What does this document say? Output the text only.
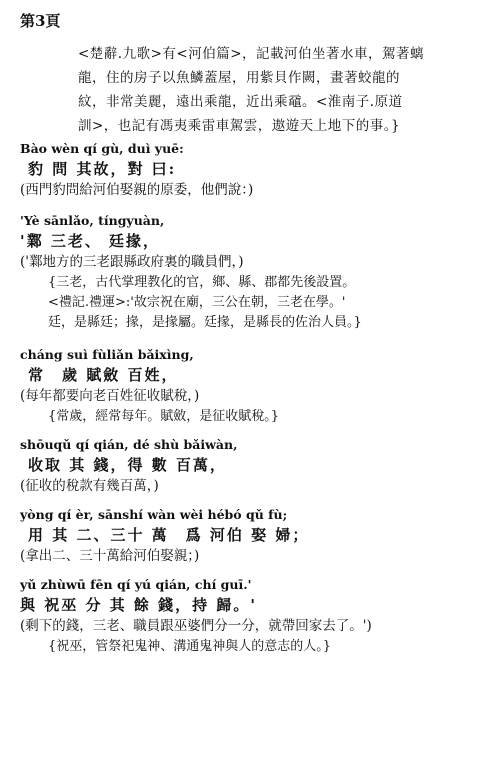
第3頁
<楚辭.九歌>有<河伯篇>，記載河伯坐著水車，駕著螭
龍，住的房子以魚鱗蓋屋，用紫貝作闕，畫著蛟龍的
紋，非常美麗，遠出乘龍，近出乘黿。<淮南子.原道
訓>，也記有馮夷乘雷車駕雲，遨遊天上地下的事。}
Bào wèn qí gù, duì yuē:
豹 問 其故，對 曰:
(西門豹問給河伯娶親的原委，他們說：)
'Yè sānlǎo, tíngyuàn,
'鄴 三老、 廷掾，
('鄴地方的三老跟縣政府裏的職員們，)
{三老，古代掌理教化的官，鄉、縣、郡都先後設置。
<禮記.禮運>:'故宗祝在廟，三公在朝，三老在學。'
廷，是縣廷；掾，是掾屬。廷掾，是縣長的佐治人員。}
cháng suì fùliǎn bǎixìng,
常　歲 賦斂 百姓，
(每年都要向老百姓征收賦稅，)
{常歲，經常每年。賦斂，是征收賦稅。}
shōuqǔ qí qián, dé shù bǎiwàn,
收取 其 錢，得 數 百萬，
(征收的稅款有幾百萬，)
yòng qí èr, sānshí wàn wèi hébó qǔ fù;
用 其 二、三十 萬　爲 河伯 娶 婦；
(拿出二、三十萬給河伯娶親；)
yǔ zhùwū fēn qí yú qián, chí guī.'
與 祝巫 分 其 餘 錢，持 歸。'
(剩下的錢，三老、職員跟巫婆們分一分，就帶回家去了。')
{祝巫，管祭祀鬼神、溝通鬼神與人的意志的人。}
